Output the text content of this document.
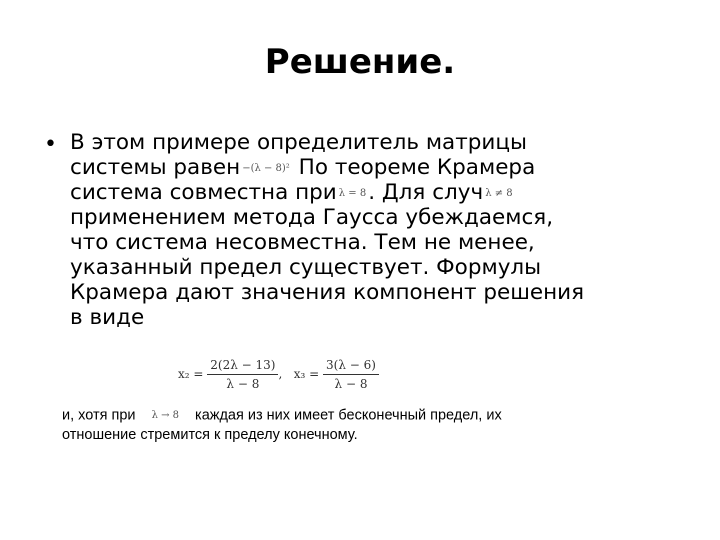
Решение.
• В этом примере определитель матрицы
системы равен −(λ − 8)² По теореме Крамера
система совместна при λ = 8. Для случ λ ≠ 8
применением метода Гаусса убеждаемся,
что система несовместна. Тем не менее,
указанный предел существует. Формулы
Крамера дают значения компонент решения
в виде
$x_2 = \frac{2(2\lambda - 13)}{\lambda - 8}$ , $x_3 = \frac{3(\lambda - 6)}{\lambda - 8}$
и, хотя при λ → 8 каждая из них имеет бесконечный предел, их
отношение стремится к пределу конечному.
